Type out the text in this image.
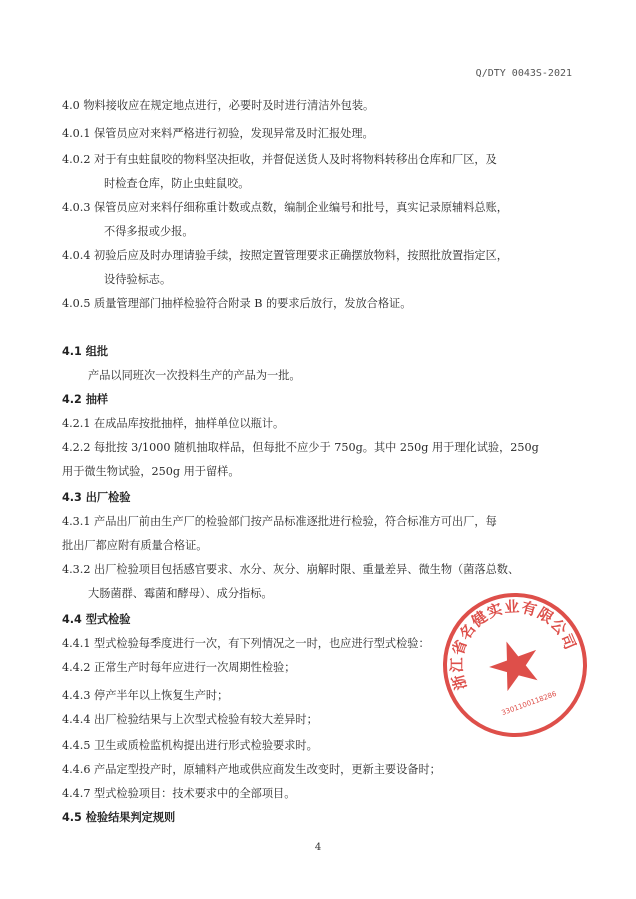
Q/DTY 0043S-2021
4.0 物料接收应在规定地点进行，必要时及时进行清洁外包装。
4.0.1 保管员应对来料严格进行初验，发现异常及时汇报处理。
4.0.2 对于有虫蛀鼠咬的物料坚决拒收，并督促送货人及时将物料转移出仓库和厂区，及
时检查仓库，防止虫蛀鼠咬。
4.0.3 保管员应对来料仔细称重计数或点数，编制企业编号和批号，真实记录原辅料总账，
不得多报或少报。
4.0.4 初验后应及时办理请验手续，按照定置管理要求正确摆放物料，按照批放置指定区，
设待验标志。
4.0.5 质量管理部门抽样检验符合附录 B 的要求后放行，发放合格证。
4.1 组批
产品以同班次一次投料生产的产品为一批。
4.2 抽样
4.2.1 在成品库按批抽样，抽样单位以瓶计。
4.2.2 每批按 3/1000 随机抽取样品，但每批不应少于 750g。其中 250g 用于理化试验，250g
用于微生物试验，250g 用于留样。
4.3 出厂检验
4.3.1 产品出厂前由生产厂的检验部门按产品标准逐批进行检验，符合标准方可出厂，每
批出厂都应附有质量合格证。
4.3.2 出厂检验项目包括感官要求、水分、灰分、崩解时限、重量差异、微生物（菌落总数、
大肠菌群、霉菌和酵母）、成分指标。
4.4 型式检验
4.4.1 型式检验每季度进行一次，有下列情况之一时，也应进行型式检验：
4.4.2 正常生产时每年应进行一次周期性检验；
4.4.3 停产半年以上恢复生产时；
4.4.4 出厂检验结果与上次型式检验有较大差异时；
4.4.5 卫生或质检监机构提出进行形式检验要求时。
4.4.6 产品定型投产时，原辅料产地或供应商发生改变时，更新主要设备时；
4.4.7 型式检验项目：技术要求中的全部项目。
4.5 检验结果判定规则
浙江省名健实业有限公司
3301100118286
4
